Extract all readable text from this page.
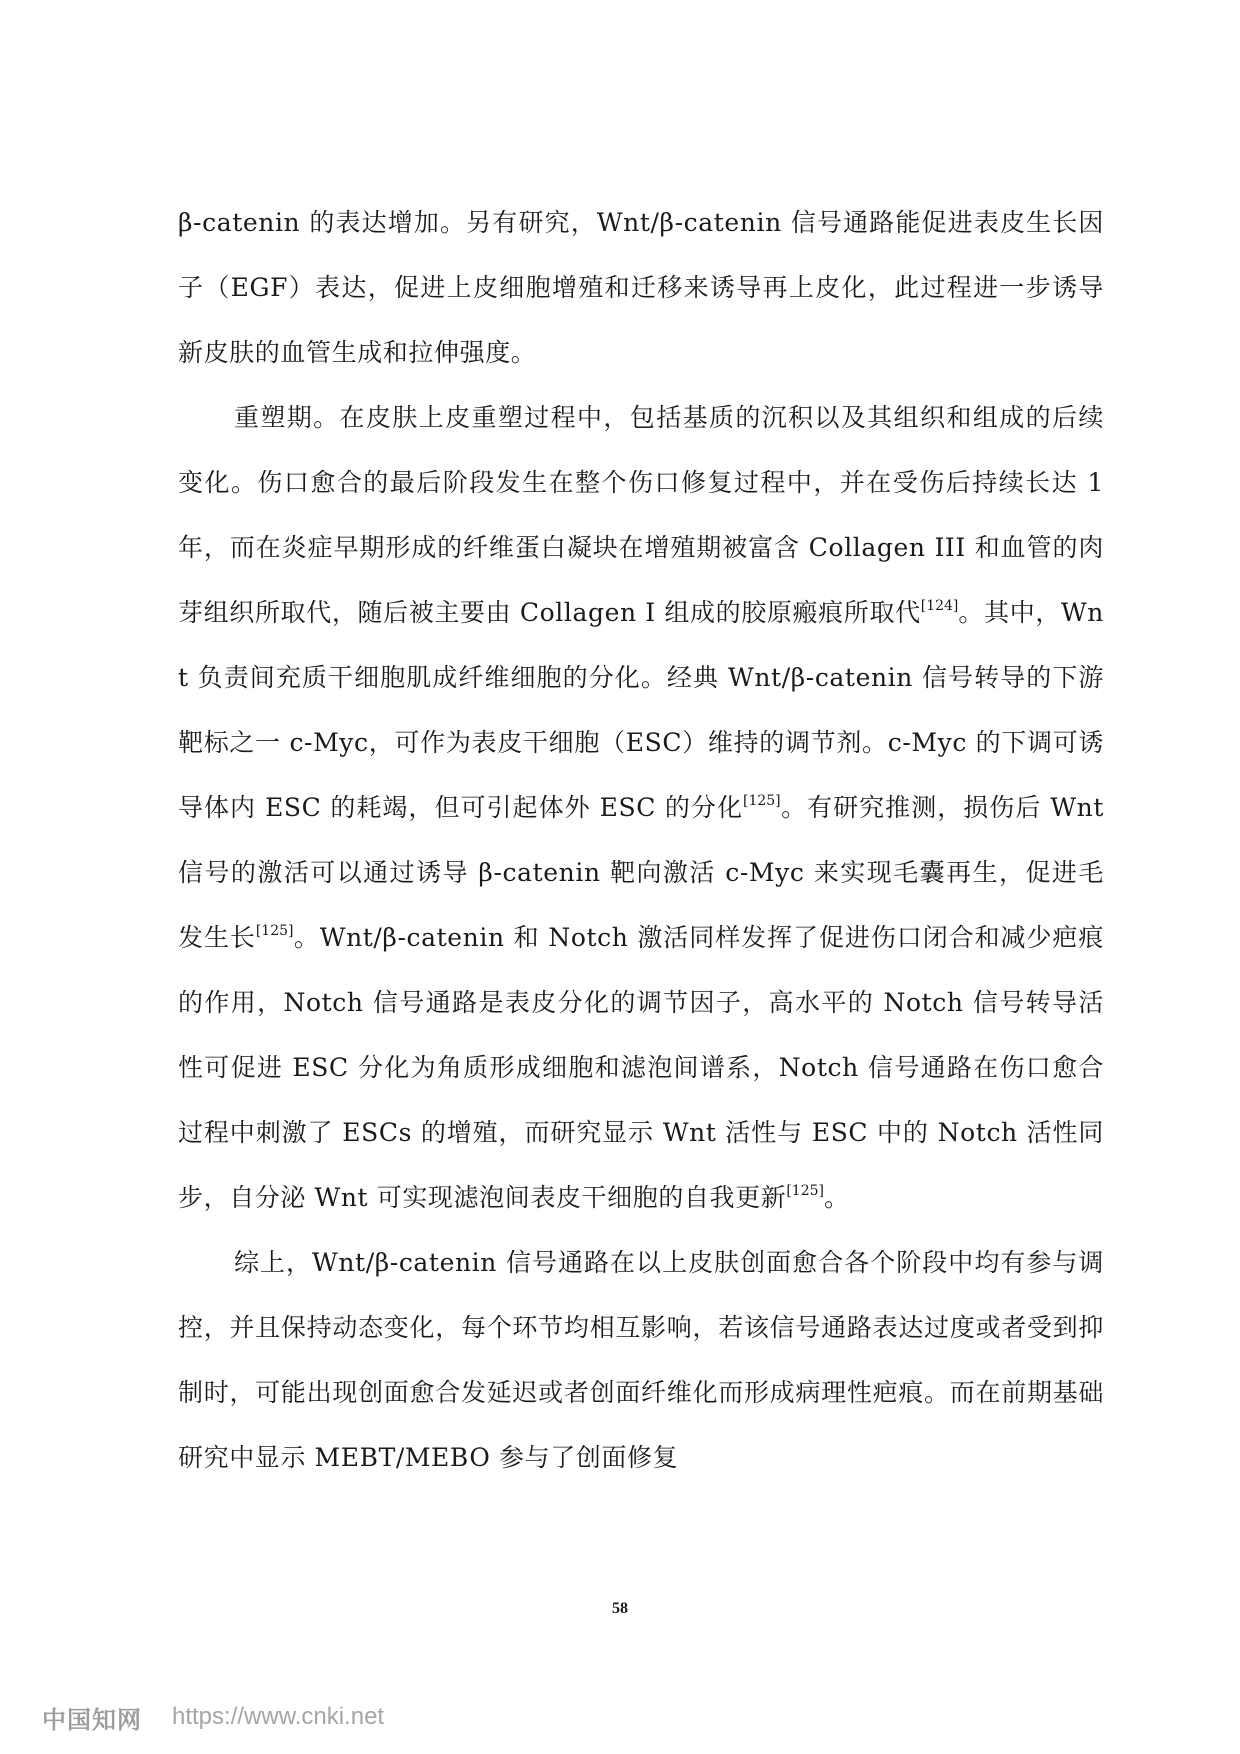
β-catenin 的表达增加。另有研究，Wnt/β-catenin 信号通路能促进表皮生长因子（EGF）表达，促进上皮细胞增殖和迁移来诱导再上皮化，此过程进一步诱导新皮肤的血管生成和拉伸强度。

重塑期。在皮肤上皮重塑过程中，包括基质的沉积以及其组织和组成的后续变化。伤口愈合的最后阶段发生在整个伤口修复过程中，并在受伤后持续长达 1 年，而在炎症早期形成的纤维蛋白凝块在增殖期被富含 Collagen III 和血管的肉芽组织所取代，随后被主要由 Collagen I 组成的胶原瘢痕所取代[124]。其中，Wnt 负责间充质干细胞肌成纤维细胞的分化。经典 Wnt/β-catenin 信号转导的下游靶标之一 c-Myc，可作为表皮干细胞（ESC）维持的调节剂。c-Myc 的下调可诱导体内 ESC 的耗竭，但可引起体外 ESC 的分化[125]。有研究推测，损伤后 Wnt 信号的激活可以通过诱导 β-catenin 靶向激活 c-Myc 来实现毛囊再生，促进毛发生长[125]。Wnt/β-catenin 和 Notch 激活同样发挥了促进伤口闭合和减少疤痕的作用，Notch 信号通路是表皮分化的调节因子，高水平的 Notch 信号转导活性可促进 ESC 分化为角质形成细胞和滤泡间谱系，Notch 信号通路在伤口愈合过程中刺激了 ESCs 的增殖，而研究显示 Wnt 活性与 ESC 中的 Notch 活性同步，自分泌 Wnt 可实现滤泡间表皮干细胞的自我更新[125]。

综上，Wnt/β-catenin 信号通路在以上皮肤创面愈合各个阶段中均有参与调控，并且保持动态变化，每个环节均相互影响，若该信号通路表达过度或者受到抑制时，可能出现创面愈合发延迟或者创面纤维化而形成病理性疤痕。而在前期基础研究中显示 MEBT/MEBO 参与了创面修复

58
中国知网 https://www.cnki.net
